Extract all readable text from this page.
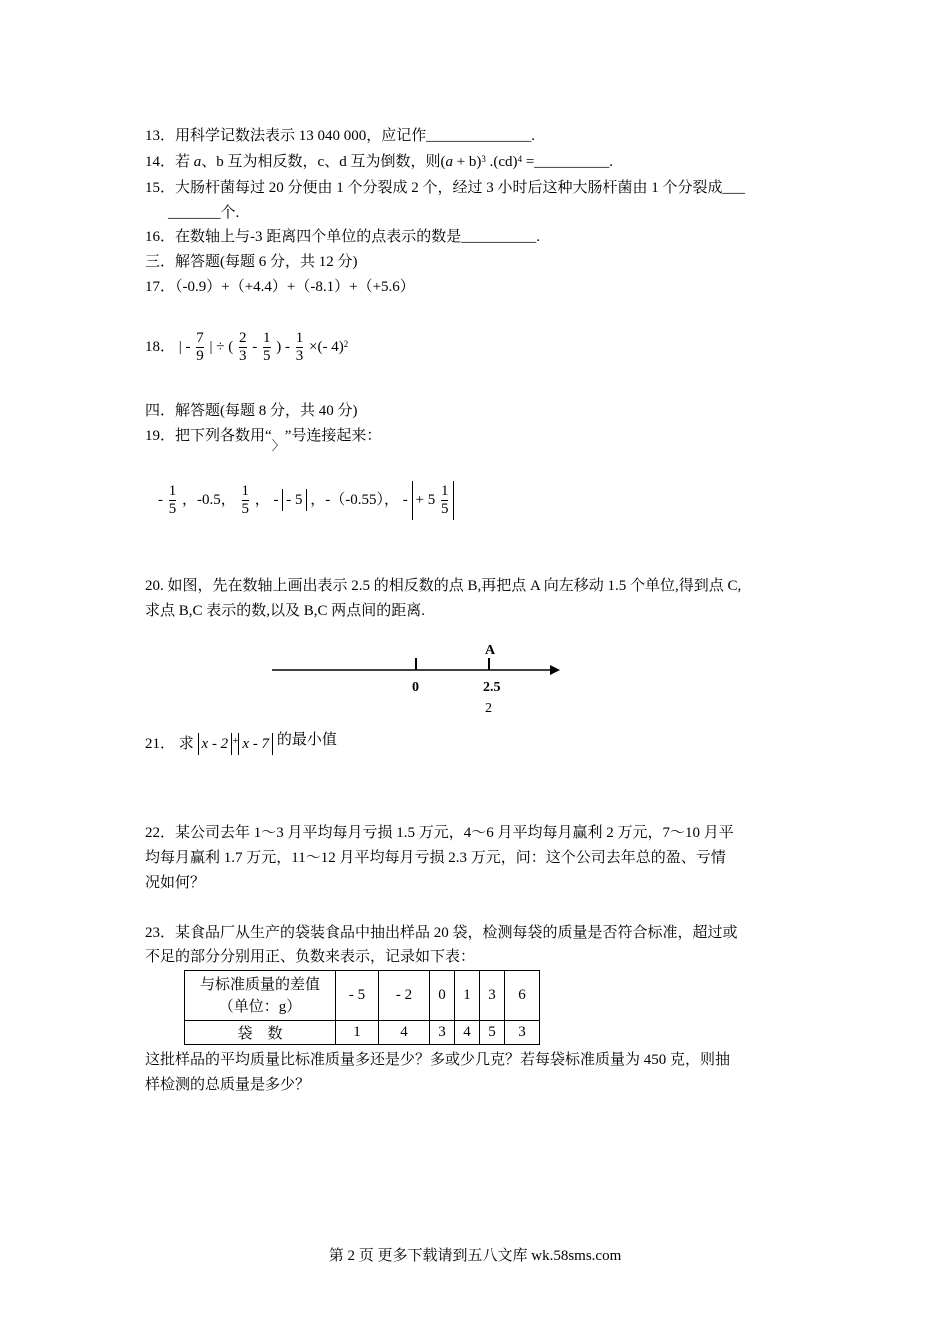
13．用科学记数法表示 13 040 000，应记作______________.
14．若 a、b 互为相反数，c、d 互为倒数，则$(a + b)^3$ .(cd)$^4$ =__________.
15．大肠杆菌每过 20 分便由 1 个分裂成 2 个，经过 3 小时后这种大肠杆菌由 1 个分裂成___
_______个.
16．在数轴上与-3 距离四个单位的点表示的数是__________.
三．解答题(每题 6 分，共 12 分)
17．（-0.9）+（+4.4）+（-8.1）+（+5.6）
18． | - $\frac{7}{9}$ | ÷ ( $\frac{2}{3} - \frac{1}{5}$ ) - $\frac{1}{3}$ ×(- 4)$^2$
四．解答题(每题 8 分，共 40 分)
19．把下列各数用“〉”号连接起来：
- $\frac{1}{5}$ ，-0.5， $\frac{1}{5}$ ， - - 5 ，-（-0.55）， - + $5 \frac{1}{5}$
20. 如图，先在数轴上画出表示 2.5 的相反数的点 B,再把点 A 向左移动 1.5 个单位,得到点 C,
求点 B,C 表示的数,以及 B,C 两点间的距离.
A
0	2.5
2
21． 求 x - 2 + x - 7 的最小值
22．某公司去年 1～3 月平均每月亏损 1.5 万元，4～6 月平均每月赢利 2 万元，7～10 月平
均每月赢利 1.7 万元，11～12 月平均每月亏损 2.3 万元，问：这个公司去年总的盈、亏情
况如何？
23．某食品厂从生产的袋装食品中抽出样品 20 袋，检测每袋的质量是否符合标准，超过或
不足的部分分别用正、负数来表示，记录如下表：
与标准质量的差值
（单位：g）	- 5	- 2	0	1	3	6
袋　数	1	4	3	4	5	3
这批样品的平均质量比标准质量多还是少？多或少几克？若每袋标准质量为 450 克，则抽
样检测的总质量是多少？
第 2 页 更多下载请到五八文库 wk.58sms.com
